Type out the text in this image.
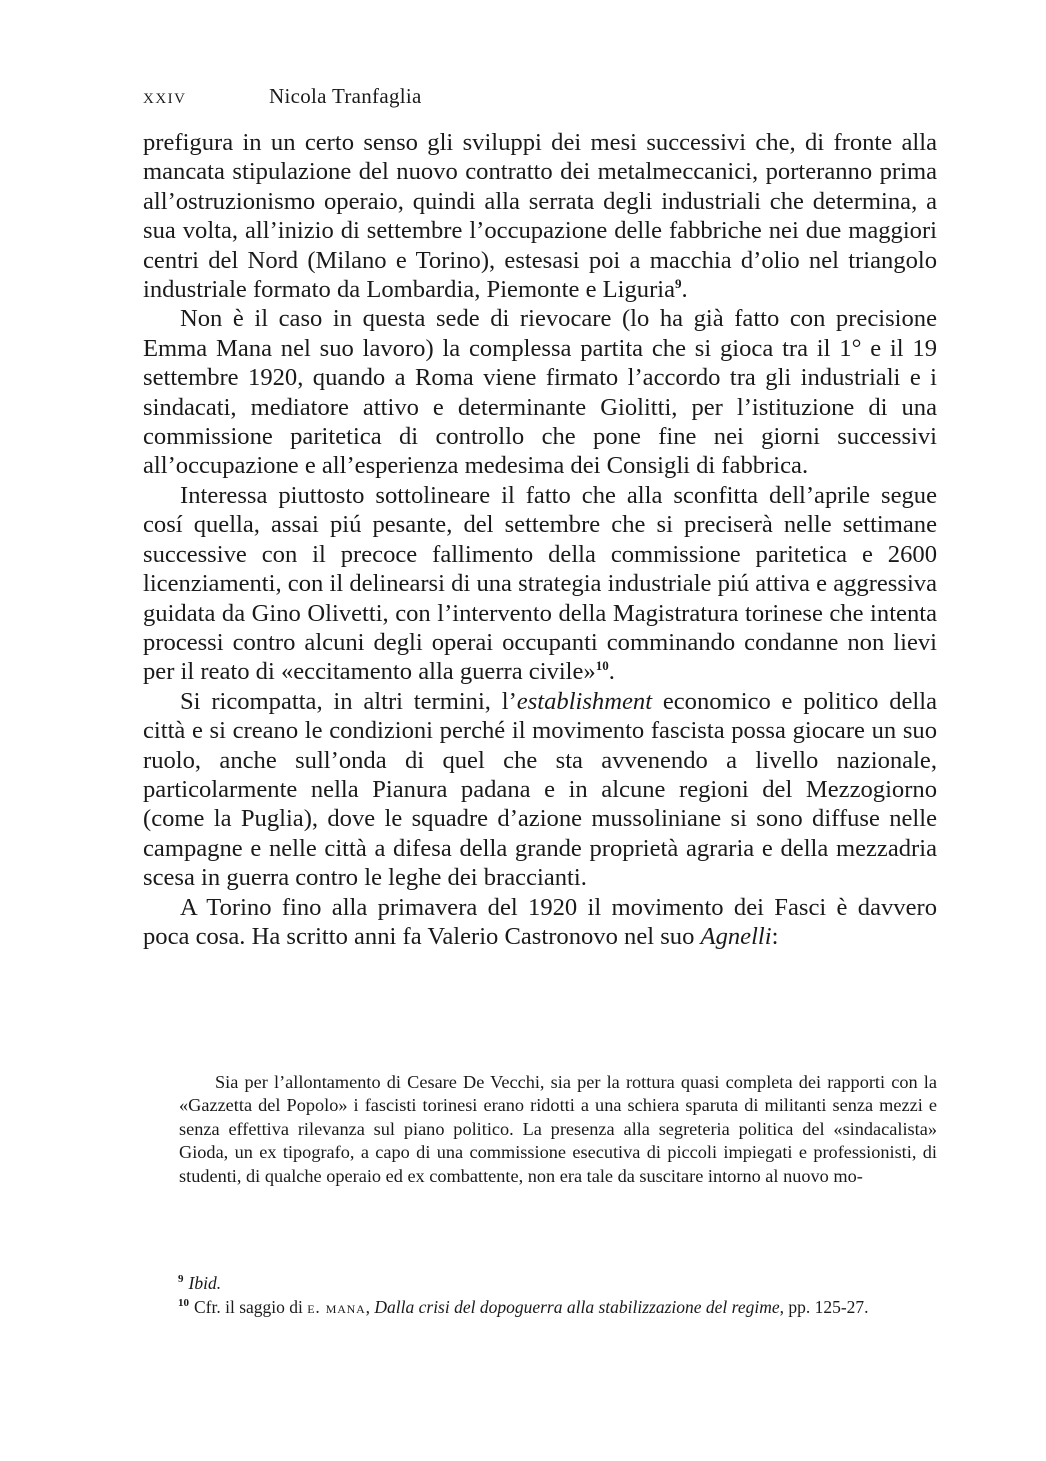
xxiv	Nicola Tranfaglia

prefigura in un certo senso gli sviluppi dei mesi successivi che, di fronte alla mancata stipulazione del nuovo contratto dei metalmeccanici, porteranno prima all’ostruzionismo operaio, quindi alla serrata degli industriali che determina, a sua volta, all’inizio di settembre l’occupazione delle fabbriche nei due maggiori centri del Nord (Milano e Torino), estesasi poi a macchia d’olio nel triangolo industriale formato da Lombardia, Piemonte e Liguria$^9$.

Non è il caso in questa sede di rievocare (lo ha già fatto con precisione Emma Mana nel suo lavoro) la complessa partita che si gioca tra il 1° e il 19 settembre 1920, quando a Roma viene firmato l’accordo tra gli industriali e i sindacati, mediatore attivo e determinante Giolitti, per l’istituzione di una commissione paritetica di controllo che pone fine nei giorni successivi all’occupazione e all’esperienza medesima dei Consigli di fabbrica.

Interessa piuttosto sottolineare il fatto che alla sconfitta dell’aprile segue cosí quella, assai piú pesante, del settembre che si preciserà nelle settimane successive con il precoce fallimento della commissione paritetica e 2600 licenziamenti, con il delinearsi di una strategia industriale piú attiva e aggressiva guidata da Gino Olivetti, con l’intervento della Magistratura torinese che intenta processi contro alcuni degli operai occupanti comminando condanne non lievi per il reato di «eccitamento alla guerra civile»$^{10}$.

Si ricompatta, in altri termini, l’establishment economico e politico della città e si creano le condizioni perché il movimento fascista possa giocare un suo ruolo, anche sull’onda di quel che sta avvenendo a livello nazionale, particolarmente nella Pianura padana e in alcune regioni del Mezzogiorno (come la Puglia), dove le squadre d’azione mussoliniane si sono diffuse nelle campagne e nelle città a difesa della grande proprietà agraria e della mezzadria scesa in guerra contro le leghe dei braccianti.

A Torino fino alla primavera del 1920 il movimento dei Fasci è davvero poca cosa. Ha scritto anni fa Valerio Castronovo nel suo Agnelli:

Sia per l’allontamento di Cesare De Vecchi, sia per la rottura quasi completa dei rapporti con la «Gazzetta del Popolo» i fascisti torinesi erano ridotti a una schiera sparuta di militanti senza mezzi e senza effettiva rilevanza sul piano politico. La presenza alla segreteria politica del «sindacalista» Gioda, un ex tipografo, a capo di una commissione esecutiva di piccoli impiegati e professionisti, di studenti, di qualche operaio ed ex combattente, non era tale da suscitare intorno al nuovo mo-

$^9$ Ibid.
$^{10}$ Cfr. il saggio di e. mana, Dalla crisi del dopoguerra alla stabilizzazione del regime, pp. 125-27.
